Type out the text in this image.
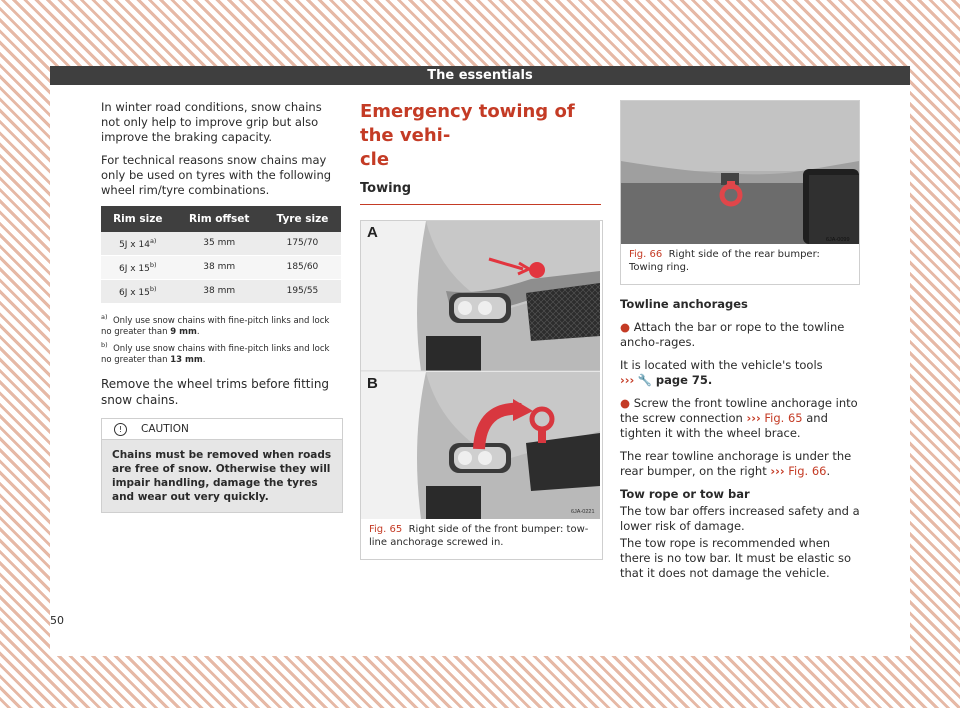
The essentials

In winter road conditions, snow chains not only help to improve grip but also improve the braking capacity.

For technical reasons snow chains may only be used on tyres with the following wheel rim/tyre combinations.

Rim size	Rim offset	Tyre size
5J x 14$^{a)}$	35 mm	175/70
6J x 15$^{b)}$	38 mm	185/60
6J x 15$^{b)}$	38 mm	195/55
$^{a)}$ Only use snow chains with fine-pitch links and lock no greater than 9 mm.
$^{b)}$ Only use snow chains with fine-pitch links and lock no greater than 13 mm.

Remove the wheel trims before fitting snow chains.

! CAUTION
Chains must be removed when roads are free of snow. Otherwise they will impair handling, damage the tyres and wear out very quickly.
Emergency towing of the vehi-
cle
Towing
A
B
6JA-0221
Fig. 65 Right side of the front bumper: tow-line anchorage screwed in.
6JA-0099
Fig. 66 Right side of the rear bumper: Towing ring.

Towline anchorages

● Attach the bar or rope to the towline ancho-rages.

It is located with the vehicle's tools
››› 🔧 page 75.

● Screw the front towline anchorage into the screw connection ››› Fig. 65 and tighten it with the wheel brace.

The rear towline anchorage is under the rear bumper, on the right ››› Fig. 66.

Tow rope or tow bar

The tow bar offers increased safety and a lower risk of damage.

The tow rope is recommended when there is no tow bar. It must be elastic so that it does not damage the vehicle.

50
